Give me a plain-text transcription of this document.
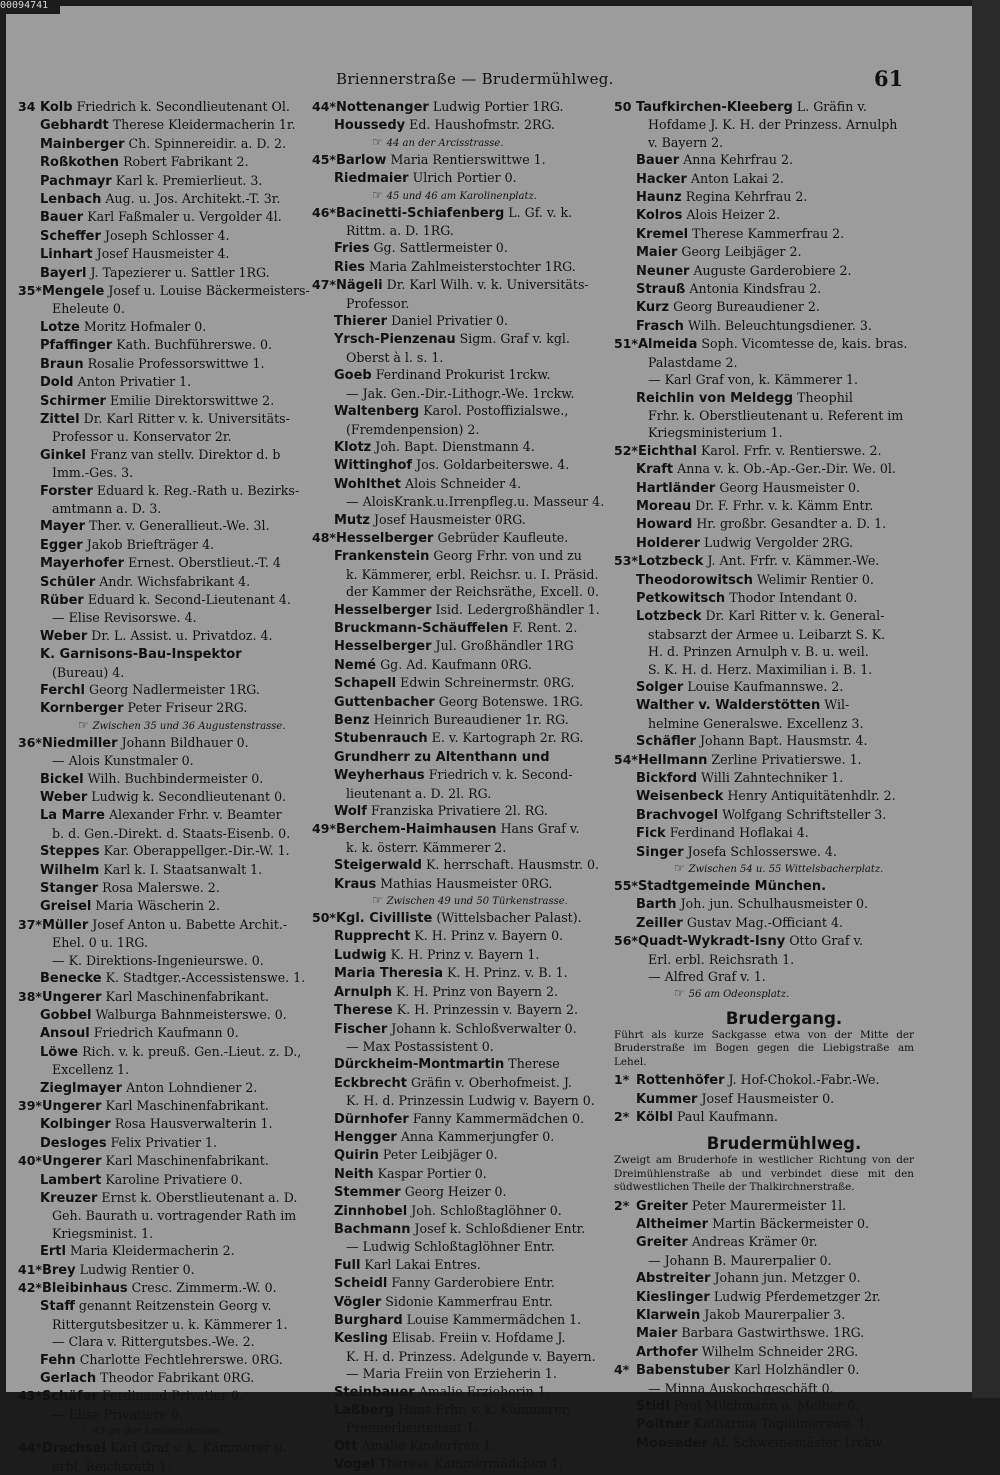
Briennerstraße — Brudermühlweg.	61
34 Kolb Friedrich k. Secondlieutenant Ol.
Gebhardt Therese Kleidermacherin 1r.
Mainberger Ch. Spinnereidir. a. D. 2.
Roßkothen Robert Fabrikant 2.
Pachmayr Karl k. Premierlieut. 3.
Lenbach Aug. u. Jos. Architekt.-T. 3r.
Bauer Karl Faßmaler u. Vergolder 4l.
Scheffer Joseph Schlosser 4.
Linhart Josef Hausmeister 4.
Bayerl J. Tapezierer u. Sattler 1RG.
35*Mengele Josef u. Louise Bäckermeisters-
Eheleute 0.
Lotze Moritz Hofmaler 0.
Pfaffinger Kath. Buchführerswe. 0.
Braun Rosalie Professorswittwe 1.
Dold Anton Privatier 1.
Schirmer Emilie Direktorswittwe 2.
Zittel Dr. Karl Ritter v. k. Universitäts-
Professor u. Konservator 2r.
Ginkel Franz van stellv. Direktor d. b
Imm.-Ges. 3.
Forster Eduard k. Reg.-Rath u. Bezirks-
amtmann a. D. 3.
Mayer Ther. v. Generallieut.-We. 3l.
Egger Jakob Briefträger 4.
Mayerhofer Ernest. Oberstlieut.-T. 4
Schüler Andr. Wichsfabrikant 4.
Rüber Eduard k. Second-Lieutenant 4.
— Elise Revisorswe. 4.
Weber Dr. L. Assist. u. Privatdoz. 4.
K. Garnisons-Bau-Inspektor
(Bureau) 4.
Ferchl Georg Nadlermeister 1RG.
Kornberger Peter Friseur 2RG.
☞ Zwischen 35 und 36 Augustenstrasse.
36*Niedmiller Johann Bildhauer 0.
— Alois Kunstmaler 0.
Bickel Wilh. Buchbindermeister 0.
Weber Ludwig k. Secondlieutenant 0.
La Marre Alexander Frhr. v. Beamter
b. d. Gen.-Direkt. d. Staats-Eisenb. 0.
Steppes Kar. Oberappellger.-Dir.-W. 1.
Wilhelm Karl k. I. Staatsanwalt 1.
Stanger Rosa Malerswe. 2.
Greisel Maria Wäscherin 2.
37*Müller Josef Anton u. Babette Archit.-
Ehel. 0 u. 1RG.
— K. Direktions-Ingenieurswe. 0.
Benecke K. Stadtger.-Accessistenswe. 1.
38*Ungerer Karl Maschinenfabrikant.
Gobbel Walburga Bahnmeisterswe. 0.
Ansoul Friedrich Kaufmann 0.
Löwe Rich. v. k. preuß. Gen.-Lieut. z. D.,
Excellenz 1.
Zieglmayer Anton Lohndiener 2.
39*Ungerer Karl Maschinenfabrikant.
Kolbinger Rosa Hausverwalterin 1.
Desloges Felix Privatier 1.
40*Ungerer Karl Maschinenfabrikant.
Lambert Karoline Privatiere 0.
Kreuzer Ernst k. Oberstlieutenant a. D.
Geh. Baurath u. vortragender Rath im
Kriegsminist. 1.
Ertl Maria Kleidermacherin 2.
41*Brey Ludwig Rentier 0.
42*Bleibinhaus Cresc. Zimmerm.-W. 0.
Staff genannt Reitzenstein Georg v.
Rittergutsbesitzer u. k. Kämmerer 1.
— Clara v. Rittergutsbes.-We. 2.
Fehn Charlotte Fechtlehrerswe. 0RG.
Gerlach Theodor Fabrikant 0RG.
43*Schäfer Ferdinand Privatier 0.
— Elise Privatiere 0.
☞ 43 an der Louisenstrasse.
44*Drechsel Karl Graf v. k. Kämmerer u.
erbl. Reichsrath 1.
44*Nottenanger Ludwig Portier 1RG.
Houssedy Ed. Haushofmstr. 2RG.
☞ 44 an der Arcisstrasse.
45*Barlow Maria Rentierswittwe 1.
Riedmaier Ulrich Portier 0.
☞ 45 und 46 am Karolinenplatz.
46*Bacinetti-Schiafenberg L. Gf. v. k.
Rittm. a. D. 1RG.
Fries Gg. Sattlermeister 0.
Ries Maria Zahlmeisterstochter 1RG.
47*Nägeli Dr. Karl Wilh. v. k. Universitäts-
Professor.
Thierer Daniel Privatier 0.
Yrsch-Pienzenau Sigm. Graf v. kgl.
Oberst à l. s. 1.
Goeb Ferdinand Prokurist 1rckw.
— Jak. Gen.-Dir.-Lithogr.-We. 1rckw.
Waltenberg Karol. Postoffizialswe.,
(Fremdenpension) 2.
Klotz Joh. Bapt. Dienstmann 4.
Wittinghof Jos. Goldarbeiterswe. 4.
Wohlthet Alois Schneider 4.
— AloisKrank.u.Irrenpfleg.u. Masseur 4.
Mutz Josef Hausmeister 0RG.
48*Hesselberger Gebrüder Kaufleute.
Frankenstein Georg Frhr. von und zu
k. Kämmerer, erbl. Reichsr. u. I. Präsid.
der Kammer der Reichsräthe, Excell. 0.
Hesselberger Isid. Ledergroßhändler 1.
Bruckmann-Schäuffelen F. Rent. 2.
Hesselberger Jul. Großhändler 1RG
Nemé Gg. Ad. Kaufmann 0RG.
Schapell Edwin Schreinermstr. 0RG.
Guttenbacher Georg Botenswe. 1RG.
Benz Heinrich Bureaudiener 1r. RG.
Stubenrauch E. v. Kartograph 2r. RG.
Grundherr zu Altenthann und
Weyherhaus Friedrich v. k. Second-
lieutenant a. D. 2l. RG.
Wolf Franziska Privatiere 2l. RG.
49*Berchem-Haimhausen Hans Graf v.
k. k. österr. Kämmerer 2.
Steigerwald K. herrschaft. Hausmstr. 0.
Kraus Mathias Hausmeister 0RG.
☞ Zwischen 49 und 50 Türkenstrasse.
50*Kgl. Civilliste (Wittelsbacher Palast).
Rupprecht K. H. Prinz v. Bayern 0.
Ludwig K. H. Prinz v. Bayern 1.
Maria Theresia K. H. Prinz. v. B. 1.
Arnulph K. H. Prinz von Bayern 2.
Therese K. H. Prinzessin v. Bayern 2.
Fischer Johann k. Schloßverwalter 0.
— Max Postassistent 0.
Dürckheim-Montmartin Therese
Eckbrecht Gräfin v. Oberhofmeist. J.
K. H. d. Prinzessin Ludwig v. Bayern 0.
Dürnhofer Fanny Kammermädchen 0.
Hengger Anna Kammerjungfer 0.
Quirin Peter Leibjäger 0.
Neith Kaspar Portier 0.
Stemmer Georg Heizer 0.
Zinnhobel Joh. Schloßtaglöhner 0.
Bachmann Josef k. Schloßdiener Entr.
— Ludwig Schloßtaglöhner Entr.
Full Karl Lakai Entres.
Scheidl Fanny Garderobiere Entr.
Vögler Sidonie Kammerfrau Entr.
Burghard Louise Kammermädchen 1.
Kesling Elisab. Freiin v. Hofdame J.
K. H. d. Prinzess. Adelgunde v. Bayern.
— Maria Freiin von Erzieherin 1.
Steinbauer Amalie Erzieherin 1.
Laßberg Hans Frhr. v. k. Kämmerer,
Premierlieutenant 1.
Ott Amalie Kinderfrau 1.
Vogel Therese Kammermädchen 1.
50 Taufkirchen-Kleeberg L. Gräfin v.
Hofdame J. K. H. der Prinzess. Arnulph
v. Bayern 2.
Bauer Anna Kehrfrau 2.
Hacker Anton Lakai 2.
Haunz Regina Kehrfrau 2.
Kolros Alois Heizer 2.
Kremel Therese Kammerfrau 2.
Maier Georg Leibjäger 2.
Neuner Auguste Garderobiere 2.
Strauß Antonia Kindsfrau 2.
Kurz Georg Bureaudiener 2.
Frasch Wilh. Beleuchtungsdiener. 3.
51*Almeida Soph. Vicomtesse de, kais. bras.
Palastdame 2.
— Karl Graf von, k. Kämmerer 1.
Reichlin von Meldegg Theophil
Frhr. k. Oberstlieutenant u. Referent im
Kriegsministerium 1.
52*Eichthal Karol. Frfr. v. Rentierswe. 2.
Kraft Anna v. k. Ob.-Ap.-Ger.-Dir. We. 0l.
Hartländer Georg Hausmeister 0.
Moreau Dr. F. Frhr. v. k. Kämm Entr.
Howard Hr. großbr. Gesandter a. D. 1.
Holderer Ludwig Vergolder 2RG.
53*Lotzbeck J. Ant. Frfr. v. Kämmer.-We.
Theodorowitsch Welimir Rentier 0.
Petkowitsch Thodor Intendant 0.
Lotzbeck Dr. Karl Ritter v. k. General-
stabsarzt der Armee u. Leibarzt S. K.
H. d. Prinzen Arnulph v. B. u. weil.
S. K. H. d. Herz. Maximilian i. B. 1.
Solger Louise Kaufmannswe. 2.
Walther v. Walderstötten Wil-
helmine Generalswe. Excellenz 3.
Schäfler Johann Bapt. Hausmstr. 4.
54*Hellmann Zerline Privatierswe. 1.
Bickford Willi Zahntechniker 1.
Weisenbeck Henry Antiquitätenhdlr. 2.
Brachvogel Wolfgang Schriftsteller 3.
Fick Ferdinand Hoflakai 4.
Singer Josefa Schlosserswe. 4.
☞ Zwischen 54 u. 55 Wittelsbacherplatz.
55*Stadtgemeinde München.
Barth Joh. jun. Schulhausmeister 0.
Zeiller Gustav Mag.-Officiant 4.
56*Quadt-Wykradt-Isny Otto Graf v.
Erl. erbl. Reichsrath 1.
— Alfred Graf v. 1.
☞ 56 am Odeonsplatz.
Brudergang.
Führt als kurze Sackgasse etwa von der Mitte der Bruderstraße im Bogen gegen die Liebigstraße am Lehel.
1* Rottenhöfer J. Hof-Chokol.-Fabr.-We.
Kummer Josef Hausmeister 0.
2* Kölbl Paul Kaufmann.
Brudermühlweg.
Zweigt am Bruderhofe in westlicher Richtung von der Dreimühlenstraße ab und verbindet diese mit den südwestlichen Theile der Thalkirchnerstraße.
2* Greiter Peter Maurermeister 1l.
Altheimer Martin Bäckermeister 0.
Greiter Andreas Krämer 0r.
— Johann B. Maurerpalier 0.
Abstreiter Johann jun. Metzger 0.
Kieslinger Ludwig Pferdemetzger 2r.
Klarwein Jakob Maurerpalier 3.
Maier Barbara Gastwirthswe. 1RG.
Arthofer Wilhelm Schneider 2RG.
4* Babenstuber Karl Holzhändler 0.
— Minna Auskochgeschäft 0.
Stidl Paul Milchmann u. Melber 0.
Poitner Katharina Taglöhnerswe. 1.
Mooseder Al. Schweinemäster 1rckw.
00094741
